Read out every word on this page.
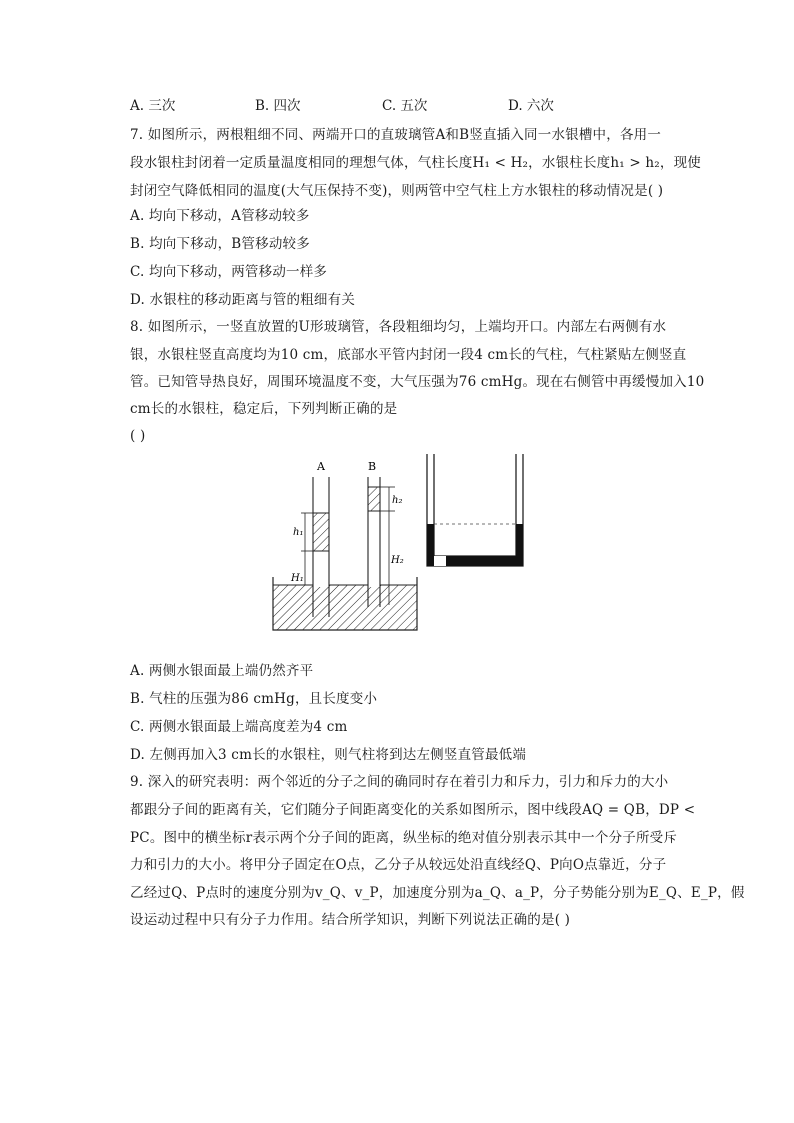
A. 三次	B. 四次	C. 五次	D. 六次
7. 如图所示，两根粗细不同、两端开口的直玻璃管A和B竖直插入同一水银槽中，各用一
段水银柱封闭着一定质量温度相同的理想气体，气柱长度H₁ < H₂，水银柱长度h₁ > h₂，现使
封闭空气降低相同的温度(大气压保持不变)，则两管中空气柱上方水银柱的移动情况是( )
A. 均向下移动，A管移动较多
B. 均向下移动，B管移动较多
C. 均向下移动，两管移动一样多
D. 水银柱的移动距离与管的粗细有关
8. 如图所示，一竖直放置的U形玻璃管，各段粗细均匀，上端均开口。内部左右两侧有水
银，水银柱竖直高度均为10 cm，底部水平管内封闭一段4 cm长的气柱，气柱紧贴左侧竖直
管。已知管导热良好，周围环境温度不变，大气压强为76 cmHg。现在右侧管中再缓慢加入10
cm长的水银柱，稳定后，下列判断正确的是
( )
A	B
h₁
h₂
H₁
H₂
A. 两侧水银面最上端仍然齐平
B. 气柱的压强为86 cmHg，且长度变小
C. 两侧水银面最上端高度差为4 cm
D. 左侧再加入3 cm长的水银柱，则气柱将到达左侧竖直管最低端
9. 深入的研究表明：两个邻近的分子之间的确同时存在着引力和斥力，引力和斥力的大小
都跟分子间的距离有关，它们随分子间距离变化的关系如图所示，图中线段AQ = QB，DP <
PC。图中的横坐标r表示两个分子间的距离，纵坐标的绝对值分别表示其中一个分子所受斥
力和引力的大小。将甲分子固定在O点，乙分子从较远处沿直线经Q、P向O点靠近，分子
乙经过Q、P点时的速度分别为v_Q、v_P，加速度分别为a_Q、a_P，分子势能分别为E_Q、E_P，假
设运动过程中只有分子力作用。结合所学知识，判断下列说法正确的是( )
